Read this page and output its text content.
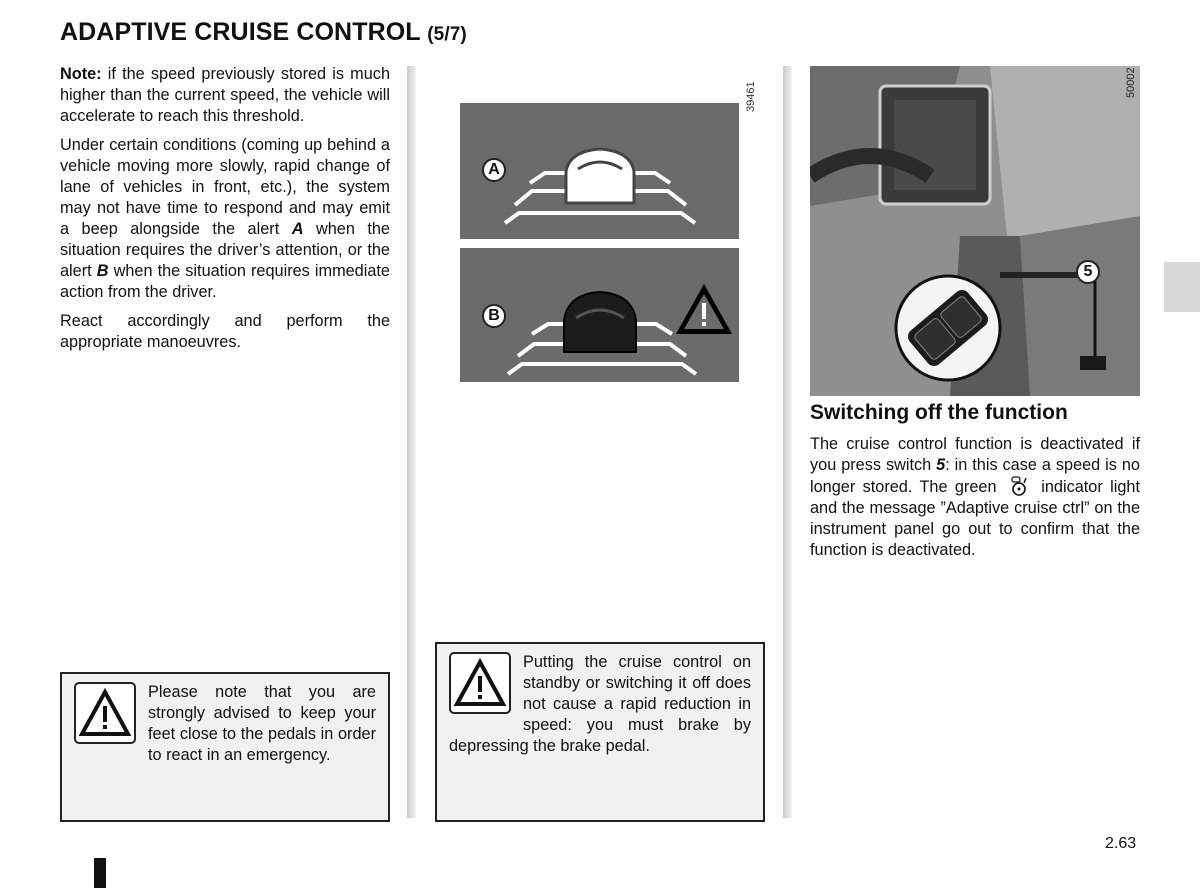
ADAPTIVE CRUISE CONTROL (5/7)

Note: if the speed previously stored is much higher than the current speed, the vehicle will accelerate to reach this threshold.

Under certain conditions (coming up behind a vehicle moving more slowly, rapid change of lane of vehicles in front, etc.), the system may not have time to respond and may emit a beep alongside the alert A when the situation requires the driver’s attention, or the alert B when the situation requires immediate action from the driver.

React accordingly and perform the appropriate manoeuvres.

39461
A
B
50002
5
Switching off the function

The cruise control function is deactivated if you press switch 5: in this case a speed is no longer stored. The green  indicator light and the message ”Adaptive cruise ctrl” on the instrument panel go out to confirm that the function is deactivated.

Please note that you are strongly advised to keep your feet close to the pedals in order to react in an emergency.
Putting the cruise control on standby or switching it off does not cause a rapid reduction in speed: you must brake by depressing the brake pedal.
2.63
